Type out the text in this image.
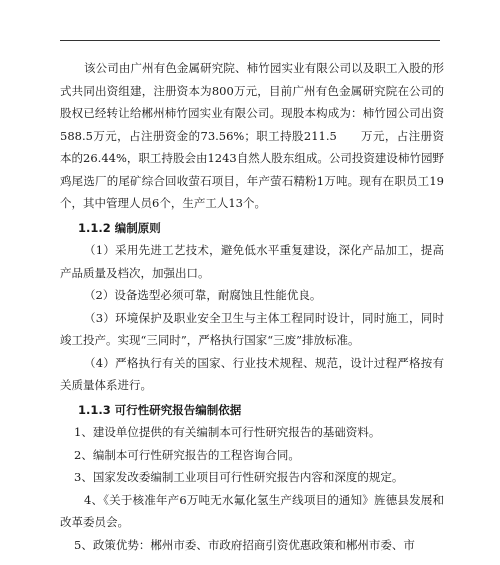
该公司由广州有色金属研究院、柿竹园实业有限公司以及职工入股的形式共同出资组建，注册资本为800万元，目前广州有色金属研究院在公司的股权已经转让给郴州柿竹园实业有限公司。现股本构成为：柿竹园公司出资588.5万元，占注册资金的73.56%；职工持股211.5　　万元，占注册资本的26.44%，职工持股会由1243自然人股东组成。公司投资建设柿竹园野鸡尾选厂的尾矿综合回收萤石项目，年产萤石精粉1万吨。现有在职员工19个，其中管理人员6个，生产工人13个。

1.1.2 编制原则

（1）采用先进工艺技术，避免低水平重复建设，深化产品加工，提高产品质量及档次，加强出口。

（2）设备选型必须可靠，耐腐蚀且性能优良。

（3）环境保护及职业安全卫生与主体工程同时设计，同时施工，同时竣工投产。实现“三同时”，严格执行国家“三废”排放标准。

（4）严格执行有关的国家、行业技术规程、规范，设计过程严格按有关质量体系进行。

1.1.3 可行性研究报告编制依据

1、建设单位提供的有关编制本可行性研究报告的基础资料。

2、编制本可行性研究报告的工程咨询合同。

3、国家发改委编制工业项目可行性研究报告内容和深度的规定。

4、《关于核准年产6万吨无水氟化氢生产线项目的通知》旌德县发展和改革委员会。

5、政策优势：郴州市委、市政府招商引资优惠政策和郴州市委、市
